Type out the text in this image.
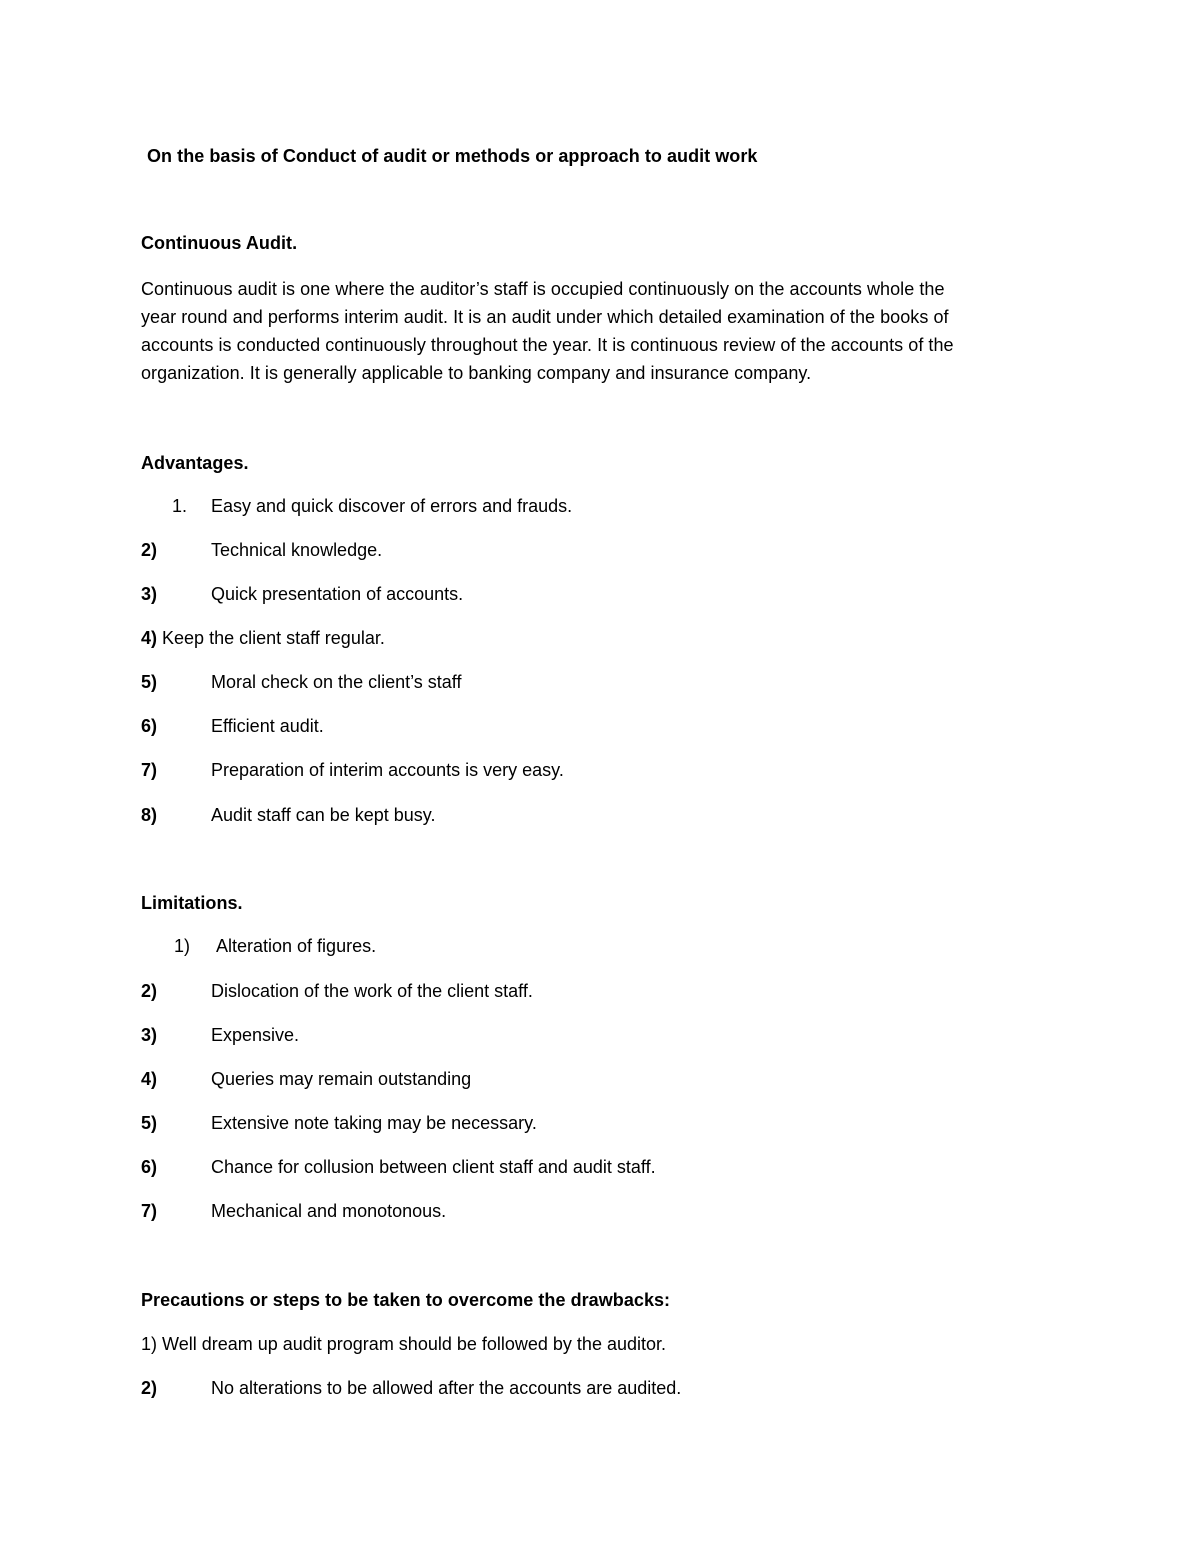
On the basis of Conduct of audit or methods or approach to audit work
Continuous Audit.
Continuous audit is one where the auditor’s staff is occupied continuously on the accounts whole the
year round and performs interim audit. It is an audit under which detailed examination of the books of
accounts is conducted continuously throughout the year. It is continuous review of the accounts of the
organization. It is generally applicable to banking company and insurance company.
Advantages.
1. Easy and quick discover of errors and frauds.
2)	Technical knowledge.
3)	Quick presentation of accounts.
4) Keep the client staff regular.
5)	Moral check on the client’s staff
6)	Efficient audit.
7)	Preparation of interim accounts is very easy.
8)	Audit staff can be kept busy.
Limitations.
1) Alteration of figures.
2)	Dislocation of the work of the client staff.
3)	Expensive.
4)	Queries may remain outstanding
5)	Extensive note taking may be necessary.
6)	Chance for collusion between client staff and audit staff.
7)	Mechanical and monotonous.
Precautions or steps to be taken to overcome the drawbacks:
1) Well dream up audit program should be followed by the auditor.
2)	No alterations to be allowed after the accounts are audited.
